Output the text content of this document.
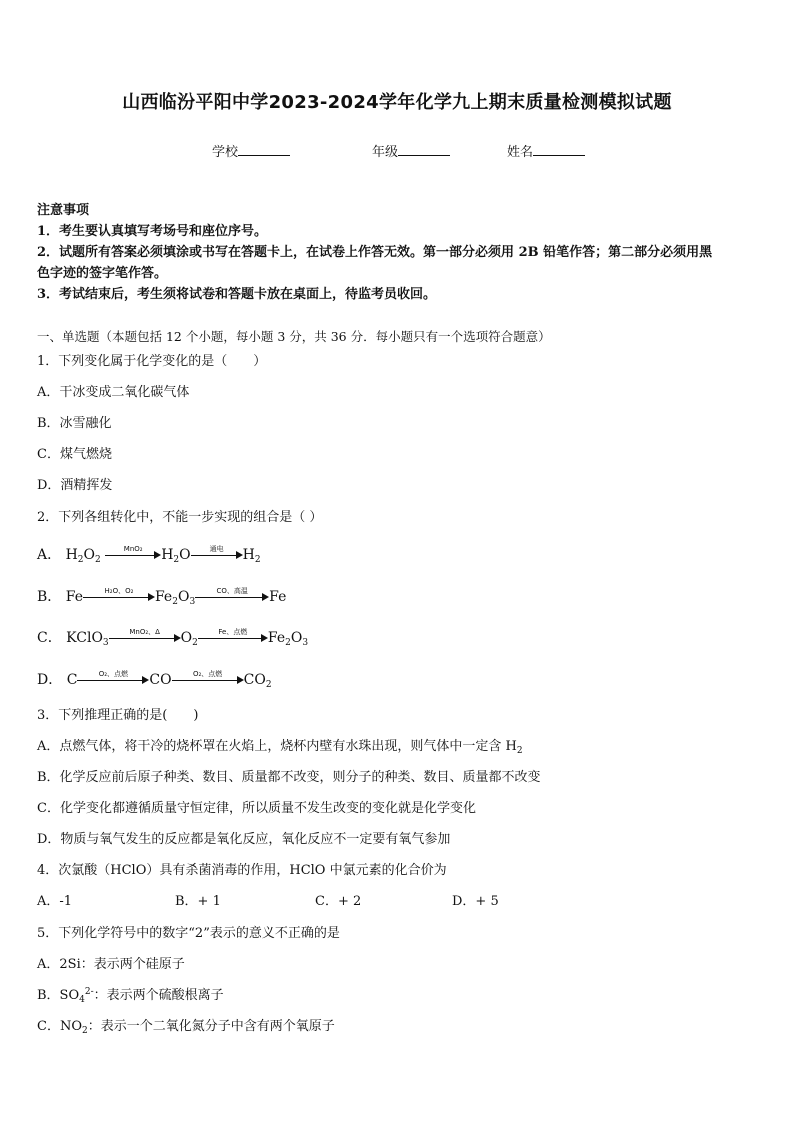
山西临汾平阳中学2023-2024学年化学九上期末质量检测模拟试题
学校	年级	姓名
注意事项
1．考生要认真填写考场号和座位序号。
2．试题所有答案必须填涂或书写在答题卡上，在试卷上作答无效。第一部分必须用 2B 铅笔作答；第二部分必须用黑
色字迹的签字笔作答。
3．考试结束后，考生须将试卷和答题卡放在桌面上，待监考员收回。
一、单选题（本题包括 12 个小题，每小题 3 分，共 36 分．每小题只有一个选项符合题意）
1．下列变化属于化学变化的是（　　）
A．干冰变成二氧化碳气体
B．冰雪融化
C．煤气燃烧
D．酒精挥发
2．下列各组转化中，不能一步实现的组合是（ ）
A． $H_2O_2$
MnO₂	$H_2O$	通电	$H_2$
B． Fe	H₂O、O₂	$Fe_2O_3$
CO、高温	Fe
C． KClO$_3$
MnO₂、Δ	$O_2$
Fe、点燃	$Fe_2O_3$
D． C	O₂、点燃	CO	O₂、点燃	$CO_2$
3．下列推理正确的是(　　)
A．点燃气体，将干冷的烧杯罩在火焰上，烧杯内壁有水珠出现，则气体中一定含 $H_2$
B．化学反应前后原子种类、数目、质量都不改变，则分子的种类、数目、质量都不改变
C．化学变化都遵循质量守恒定律，所以质量不发生改变的变化就是化学变化
D．物质与氧气发生的反应都是氧化反应，氧化反应不一定要有氧气参加
4．次氯酸（HClO）具有杀菌消毒的作用，HClO 中氯元素的化合价为
A．-1	B．+ 1	C．+ 2	D．+ 5
5．下列化学符号中的数字“2”表示的意义不正确的是
A．2Si：表示两个硅原子
B．$SO_4^{2-}$：表示两个硫酸根离子
C．$NO_2$：表示一个二氧化氮分子中含有两个氧原子
